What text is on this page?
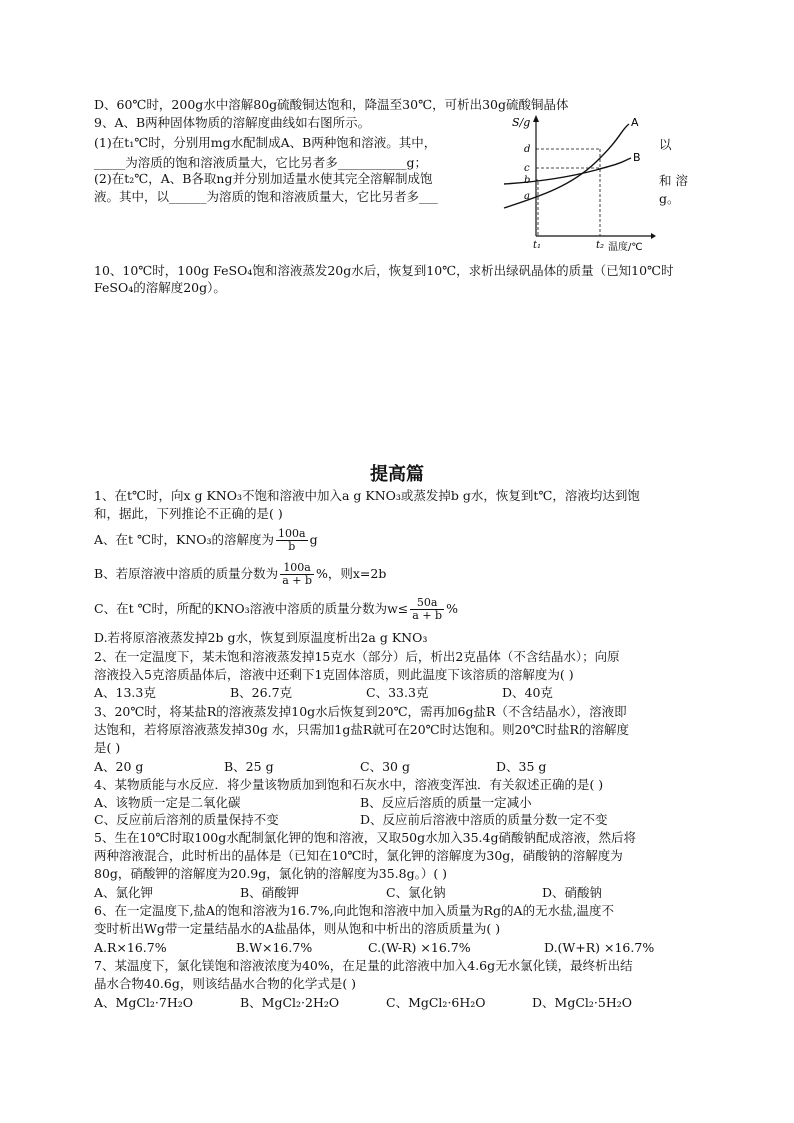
D、60℃时，200g水中溶解80g硫酸铜达饱和，降温至30℃，可析出30g硫酸铜晶体
9、A、B两种固体物质的溶解度曲线如右图所示。
(1)在t₁℃时，分别用mg水配制成A、B两种饱和溶液。其中，	以
_____为溶质的饱和溶液质量大，它比另者多___________g；
(2)在t₂℃，A、B各取ng并分别加适量水使其完全溶解制成饱	和 溶
液。其中，以______为溶质的饱和溶液质量大，它比另者多___	g。
S/g
温度/℃
A
B
d
c
b
a
t₁	t₂
10、10℃时，100g FeSO₄饱和溶液蒸发20g水后，恢复到10℃，求析出绿矾晶体的质量（已知10℃时
FeSO₄的溶解度20g）。
提高篇
1、在t℃时，向x g KNO₃不饱和溶液中加入a g KNO₃或蒸发掉b g水，恢复到t℃，溶液均达到饱
和，据此，下列推论不正确的是( )
A、在t ℃时，KNO₃的溶解度为 $\frac{100a}{b}$ g
B、若原溶液中溶质的质量分数为 $\frac{100a}{a + b}$ %，则x=2b
C、在t ℃时，所配的KNO₃溶液中溶质的质量分数为$w\le \frac{50a}{a + b}$ %
D.若将原溶液蒸发掉2b g水，恢复到原温度析出2a g KNO₃
2、在一定温度下，某未饱和溶液蒸发掉15克水（部分）后，析出2克晶体（不含结晶水）；向原
溶液投入5克溶质晶体后，溶液中还剩下1克固体溶质，则此温度下该溶质的溶解度为( )
A、13.3克	B、26.7克	C、33.3克	D、40克
3、20℃时，将某盐R的溶液蒸发掉10g水后恢复到20℃，需再加6g盐R（不含结晶水），溶液即
达饱和，若将原溶液蒸发掉30g 水，只需加1g盐R就可在20℃时达饱和。则20℃时盐R的溶解度
是( )
A、20 g	B、25 g	C、30 g	D、35 g
4、某物质能与水反应．将少量该物质加到饱和石灰水中，溶液变浑浊．有关叙述正确的是( )
A、该物质一定是二氧化碳	B、反应后溶质的质量一定减小
C、反应前后溶剂的质量保持不变	D、反应前后溶液中溶质的质量分数一定不变
5、生在10℃时取100g水配制氯化钾的饱和溶液，又取50g水加入35.4g硝酸钠配成溶液，然后将
两种溶液混合，此时析出的晶体是（已知在10℃时，氯化钾的溶解度为30g，硝酸钠的溶解度为
80g，硝酸钾的溶解度为20.9g，氯化钠的溶解度为35.8g。）( )
A、氯化钾	B、硝酸钾	C、氯化钠	D、硝酸钠
6、在一定温度下,盐A的饱和溶液为16.7%,向此饱和溶液中加入质量为Rg的A的无水盐,温度不
变时析出Wg带一定量结晶水的A盐晶体，则从饱和中析出的溶质质量为( )
A.R×16.7%	B.W×16.7%	C.(W-R) ×16.7%	D.(W+R) ×16.7%
7、某温度下，氯化镁饱和溶液浓度为40%，在足量的此溶液中加入4.6g无水氯化镁，最终析出结
晶水合物40.6g，则该结晶水合物的化学式是( )
A、MgCl₂·7H₂O	B、MgCl₂·2H₂O	C、MgCl₂·6H₂O	D、MgCl₂·5H₂O
